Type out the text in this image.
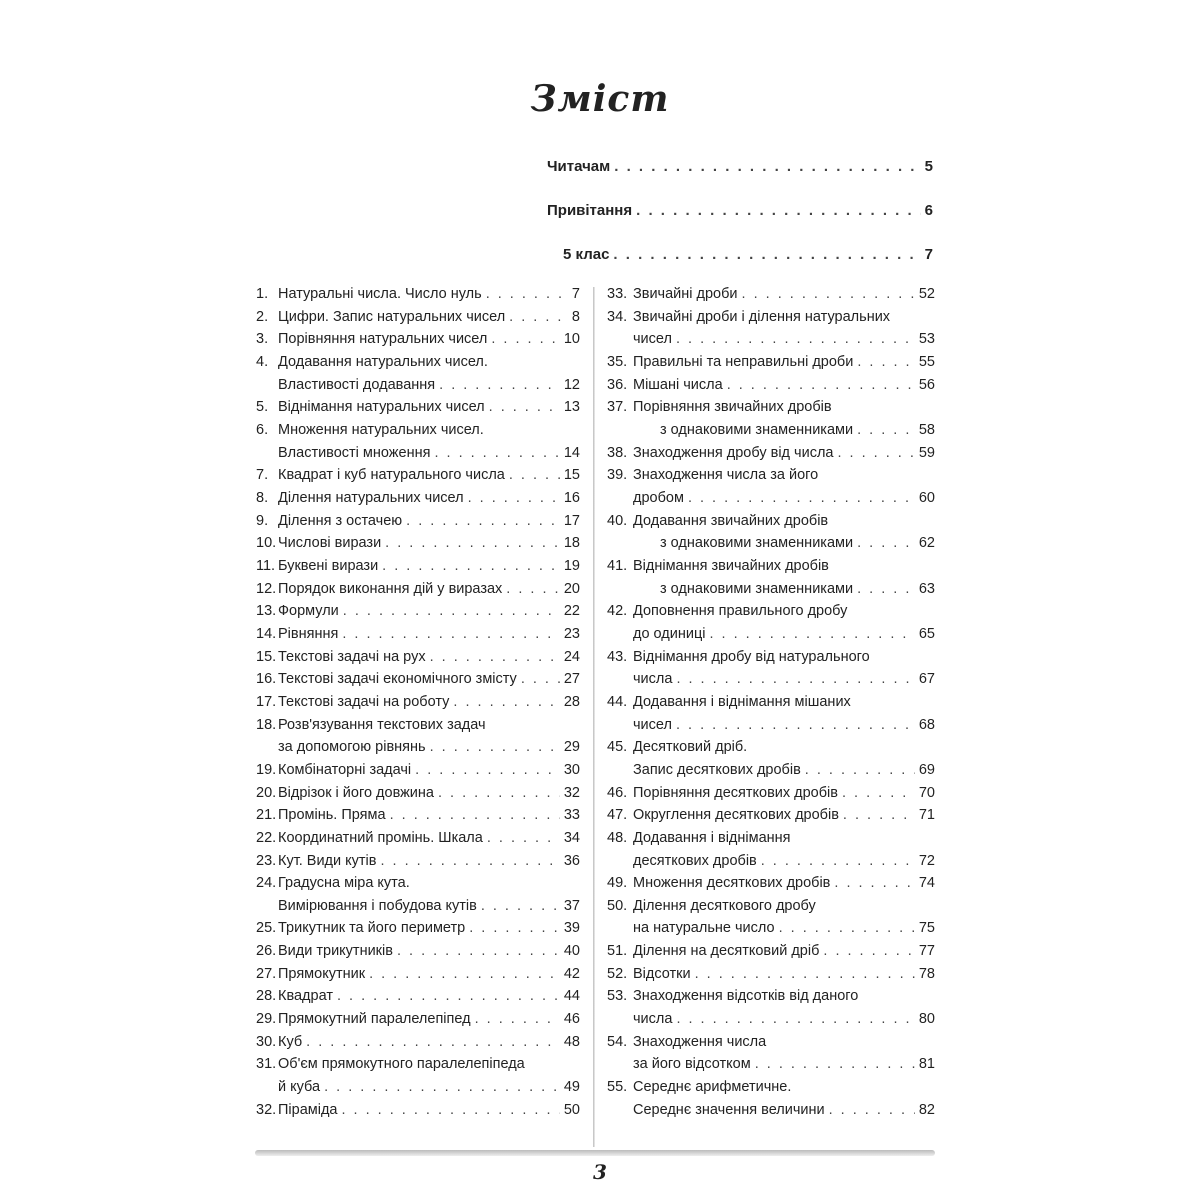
Зміст
Читачам . . .	5
Привітання . . .	6
5 клас . . .	7
1.Натуральні числа. Число нуль . . .	7
2.Цифри. Запис натуральних чисел . . .	8
3.Порівняння натуральних чисел . . .	10
4.Додавання натуральних чисел.
Властивості додавання . . .	12
5.Віднімання натуральних чисел . . .	13
6.Множення натуральних чисел.
Властивості множення . . .	14
7.Квадрат і куб натурального числа . . .	15
8.Ділення натуральних чисел . . .	16
9.Ділення з остачею . . .	17
10.Числові вирази . . .	18
11.Буквені вирази . . .	19
12.Порядок виконання дій у виразах . . .	20
13.Формули . . .	22
14.Рівняння . . .	23
15.Текстові задачі на рух . . .	24
16.Текстові задачі економічного змісту . . .	27
17.Текстові задачі на роботу . . .	28
18.Розв'язування текстових задач
за допомогою рівнянь . . .	29
19.Комбінаторні задачі . . .	30
20.Відрізок і його довжина . . .	32
21.Промінь. Пряма . . .	33
22.Координатний промінь. Шкала . . .	34
23.Кут. Види кутів . . .	36
24.Градусна міра кута.
Вимірювання і побудова кутів . . .	37
25.Трикутник та його периметр . . .	39
26.Види трикутників . . .	40
27.Прямокутник . . .	42
28.Квадрат . . .	44
29.Прямокутний паралелепіпед . . .	46
30.Куб . . .	48
31.Об'єм прямокутного паралелепіпеда
й куба . . .	49
32.Піраміда . . .	50
33.Звичайні дроби . . .	52
34.Звичайні дроби і ділення натуральних
чисел . . .	53
35.Правильні та неправильні дроби . . .	55
36.Мішані числа . . .	56
37.Порівняння звичайних дробів
з однаковими знаменниками . . .	58
38.Знаходження дробу від числа . . .	59
39.Знаходження числа за його
дробом . . .	60
40.Додавання звичайних дробів
з однаковими знаменниками . . .	62
41.Віднімання звичайних дробів
з однаковими знаменниками . . .	63
42.Доповнення правильного дробу
до одиниці . . .	65
43.Віднімання дробу від натурального
числа . . .	67
44.Додавання і віднімання мішаних
чисел . . .	68
45.Десятковий дріб.
Запис десяткових дробів . . .	69
46.Порівняння десяткових дробів . . .	70
47.Округлення десяткових дробів . . .	71
48.Додавання і віднімання
десяткових дробів . . .	72
49.Множення десяткових дробів . . .	74
50.Ділення десяткового дробу
на натуральне число . . .	75
51.Ділення на десятковий дріб . . .	77
52.Відсотки . . .	78
53.Знаходження відсотків від даного
числа . . .	80
54.Знаходження числа
за його відсотком . . .	81
55.Середнє арифметичне.
Середнє значення величини . . .	82
3
